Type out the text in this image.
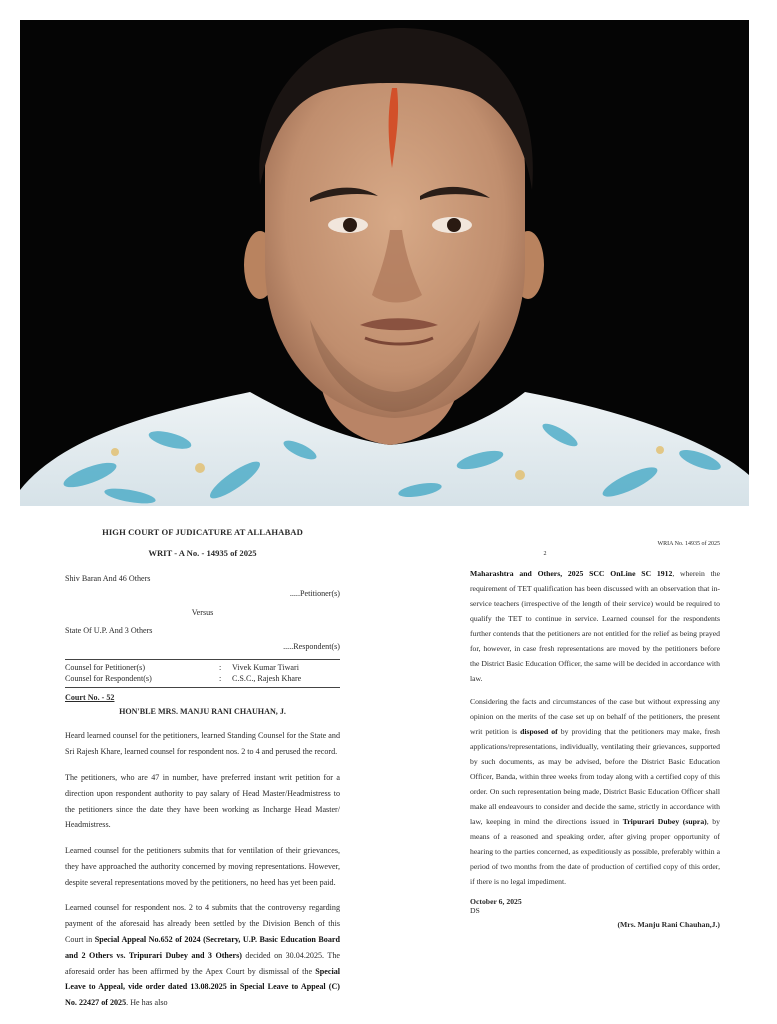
HIGH COURT OF JUDICATURE AT ALLAHABAD
WRIT - A No. - 14935 of 2025
Shiv Baran And 46 Others
.....Petitioner(s)
Versus
State Of U.P. And 3 Others
.....Respondent(s)
Counsel for Petitioner(s)	:	Vivek Kumar Tiwari
Counsel for Respondent(s)	:	C.S.C., Rajesh Khare
Court No. - 52
HON'BLE MRS. MANJU RANI CHAUHAN, J.

Heard learned counsel for the petitioners, learned Standing Counsel for the State and Sri Rajesh Khare, learned counsel for respondent nos. 2 to 4 and perused the record.

The petitioners, who are 47 in number, have preferred instant writ petition for a direction upon respondent authority to pay salary of Head Master/Headmistress to the petitioners since the date they have been working as Incharge Head Master/ Headmistress.

Learned counsel for the petitioners submits that for ventilation of their grievances, they have approached the authority concerned by moving representations. However, despite several representations moved by the petitioners, no heed has yet been paid.

Learned counsel for respondent nos. 2 to 4 submits that the controversy regarding payment of the aforesaid has already been settled by the Division Bench of this Court in Special Appeal No.652 of 2024 (Secretary, U.P. Basic Education Board and 2 Others vs. Tripurari Dubey and 3 Others) decided on 30.04.2025. The aforesaid order has been affirmed by the Apex Court by dismissal of the Special Leave to Appeal, vide order dated 13.08.2025 in Special Leave to Appeal (C) No. 22427 of 2025. He has also

WRIA No. 14935 of 2025
2

Maharashtra and Others, 2025 SCC OnLine SC 1912, wherein the requirement of TET qualification has been discussed with an observation that in-service teachers (irrespective of the length of their service) would be required to qualify the TET to continue in service. Learned counsel for the respondents further contends that the petitioners are not entitled for the relief as being prayed for, however, in case fresh representations are moved by the petitioners before the District Basic Education Officer, the same will be decided in accordance with law.

Considering the facts and circumstances of the case but without expressing any opinion on the merits of the case set up on behalf of the petitioners, the present writ petition is disposed of by providing that the petitioners may make, fresh applications/representations, individually, ventilating their grievances, supported by such documents, as may be advised, before the District Basic Education Officer, Banda, within three weeks from today along with a certified copy of this order. On such representation being made, District Basic Education Officer shall make all endeavours to consider and decide the same, strictly in accordance with law, keeping in mind the directions issued in Tripurari Dubey (supra), by means of a reasoned and speaking order, after giving proper opportunity of hearing to the parties concerned, as expeditiously as possible, preferably within a period of two months from the date of production of certified copy of this order, if there is no legal impediment.

October 6, 2025
DS
(Mrs. Manju Rani Chauhan,J.)
